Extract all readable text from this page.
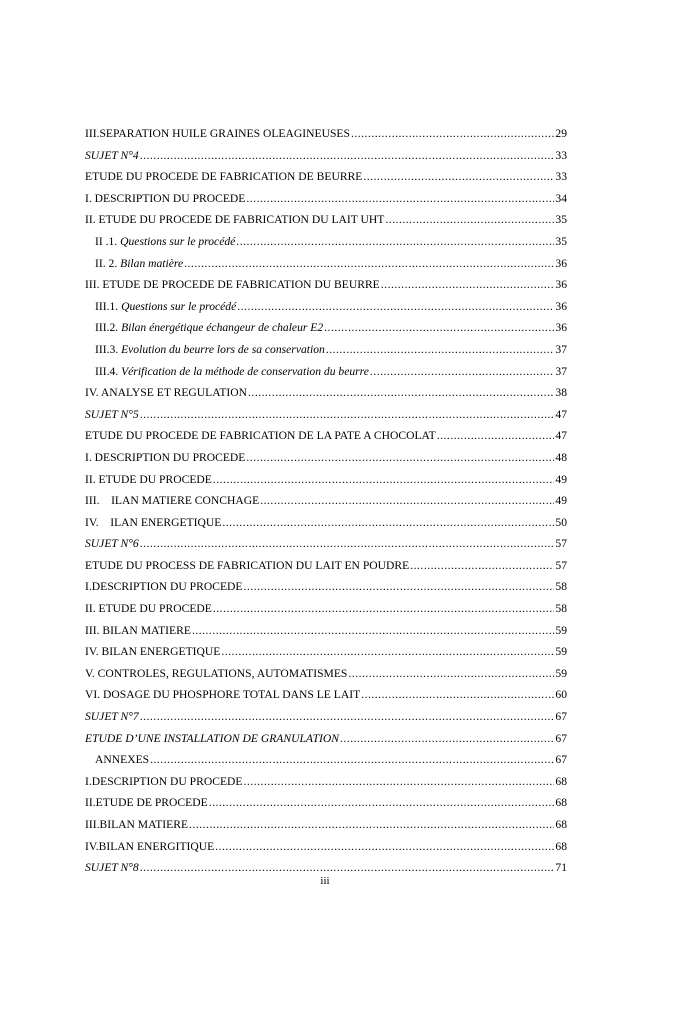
III.SEPARATION HUILE GRAINES OLEAGINEUSES .....	29
SUJET N°4 .....	33
ETUDE DU PROCEDE DE FABRICATION DE BEURRE .....	33
I. DESCRIPTION DU PROCEDE .....	34
II. ETUDE DU PROCEDE DE FABRICATION DU LAIT UHT .....	35
II .1. Questions sur le procédé .....	35
II. 2. Bilan matière .....	36
III. ETUDE DE PROCEDE DE FABRICATION DU BEURRE .....	36
III.1. Questions sur le procédé .....	36
III.2. Bilan énergétique échangeur de chaleur E2 .....	36
III.3. Evolution du beurre lors de sa conservation .....	37
III.4. Vérification de la méthode de conservation du beurre .....	37
IV. ANALYSE ET REGULATION .....	38
SUJET N°5 .....	47
ETUDE DU PROCEDE DE FABRICATION DE LA PATE A CHOCOLAT .....	47
I. DESCRIPTION DU PROCEDE .....	48
II. ETUDE DU PROCEDE .....	49
III.    ILAN MATIERE CONCHAGE .....	49
IV.    ILAN ENERGETIQUE .....	50
SUJET N°6 .....	57
ETUDE DU PROCESS DE FABRICATION DU LAIT EN POUDRE .....	57
I.DESCRIPTION DU PROCEDE .....	58
II. ETUDE DU PROCEDE .....	58
III. BILAN MATIERE .....	59
IV. BILAN ENERGETIQUE .....	59
V. CONTROLES, REGULATIONS, AUTOMATISMES .....	59
VI. DOSAGE DU PHOSPHORE TOTAL DANS LE LAIT .....	60
SUJET N°7 .....	67
ETUDE D’UNE INSTALLATION DE GRANULATION .....	67
ANNEXES .....	67
I.DESCRIPTION DU PROCEDE .....	68
II.ETUDE DE PROCEDE .....	68
III.BILAN MATIERE .....	68
IV.BILAN ENERGITIQUE .....	68
SUJET N°8 .....	71
iii
